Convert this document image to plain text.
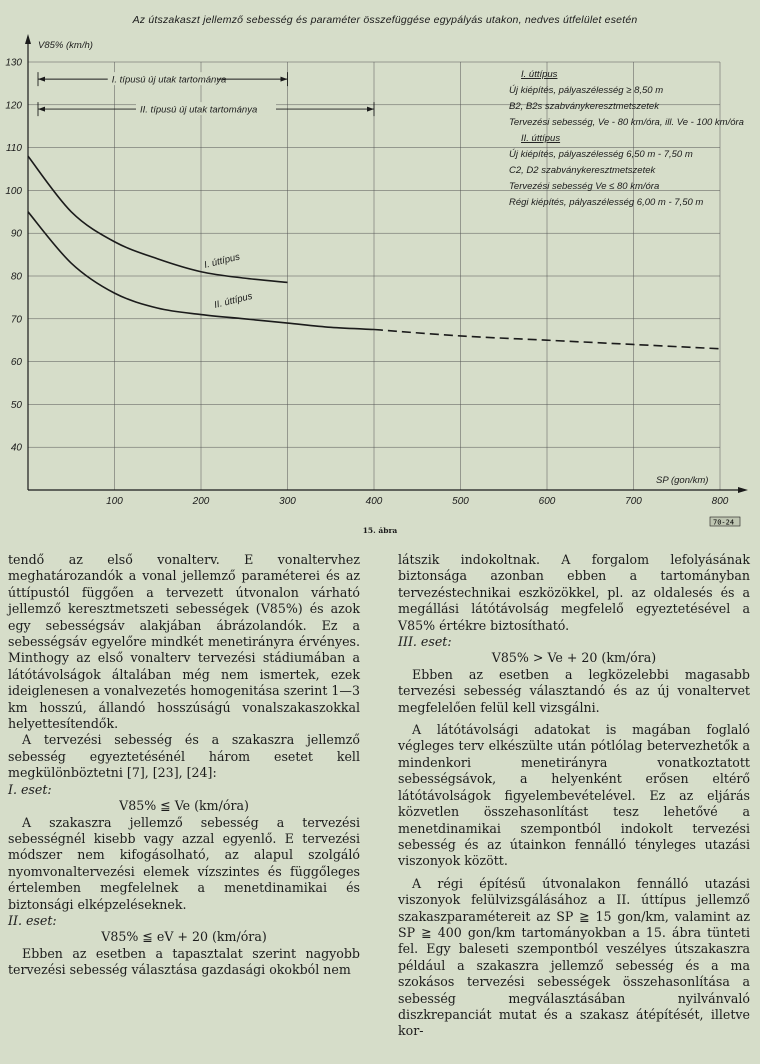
Az útszakaszt jellemző sebesség és paraméter összefüggése egypályás utakon, nedves útfelület esetén
100	200	300	400	500	600	700	800
130
120
110
100
90
80
70
60
50
40
I. típusú új utak tartománya
II. típusú új utak tartománya
I. úttípus
Új kiépítés, pályaszélesség ≥ 8,50 m
B2, B2s szabványkeresztmetszetek
Tervezési sebesség, Ve - 80 km/óra, ill. Ve - 100 km/óra
II. úttípus
Új kiépítés, pályaszélesség 6,50 m - 7,50 m
C2, D2 szabványkeresztmetszetek
Tervezési sebesség Ve ≤ 80 km/óra
Régi kiépítés, pályaszélesség 6,00 m - 7,50 m
V85% (km/h)
SP (gon/km)
I. úttípus
II. úttípus
70-24
15. ábra

tendő az első vonalterv. E vonaltervhez meghatározandók a vonal jellemző paraméterei és az úttípustól függően a tervezett útvonalon várható jellemző keresztmetszeti sebességek (V85%) és azok egy sebességsáv alakjában ábrázolandók. Ez a sebességsáv egyelőre mindkét menetirányra érvényes. Minthogy az első vonalterv tervezési stádiumában a látótávolságok általában még nem ismertek, ezek ideiglenesen a vonalvezetés homogenitása szerint 1—3 km hosszú, állandó hosszúságú vonalszakaszokkal helyettesítendők.

A tervezési sebesség és a szakaszra jellemző sebesség egyeztetésénél három esetet kell megkülönböztetni [7], [23], [24]:

I. eset:

V85% ≦ Ve (km/óra)

A szakaszra jellemző sebesség a tervezési sebességnél kisebb vagy azzal egyenlő. E tervezési módszer nem kifogásolható, az alapul szolgáló nyomvonaltervezési elemek vízszintes és függőleges értelemben megfelelnek a menetdinamikai és biztonsági elképzeléseknek.

II. eset:

V85% ≦ eV + 20 (km/óra)

Ebben az esetben a tapasztalat szerint nagyobb tervezési sebesség választása gazdasági okokból nem

látszik indokoltnak. A forgalom lefolyásának biztonsága azonban ebben a tartományban tervezéstechnikai eszközökkel, pl. az oldalesés és a megállási látótávolság megfelelő egyeztetésével a V85% értékre biztosítható.

III. eset:

V85% > Ve + 20 (km/óra)

Ebben az esetben a legközelebbi magasabb tervezési sebesség választandó és az új vonaltervet megfelelően felül kell vizsgálni.

A látótávolsági adatokat is magában foglaló végleges terv elkészülte után pótlólag betervezhetők a mindenkori menetirányra vonatkoztatott sebességsávok, a helyenként erősen eltérő látótávolságok figyelembevételével. Ez az eljárás közvetlen összehasonlítást tesz lehetővé a menetdinamikai szempontból indokolt tervezési sebesség és az útainkon fennálló tényleges utazási viszonyok között.

A régi építésű útvonalakon fennálló utazási viszonyok felülvizsgálásához a II. úttípus jellemző szakaszparamétereit az SP ≧ 15 gon/km, valamint az SP ≧ 400 gon/km tartományokban a 15. ábra tünteti fel. Egy baleseti szempontból veszélyes útszakaszra például a szakaszra jellemző sebesség és a ma szokásos tervezési sebességek összehasonlítása a sebesség megválasztásában nyilvánvaló diszkrepanciát mutat és a szakasz átépítését, illetve kor-
